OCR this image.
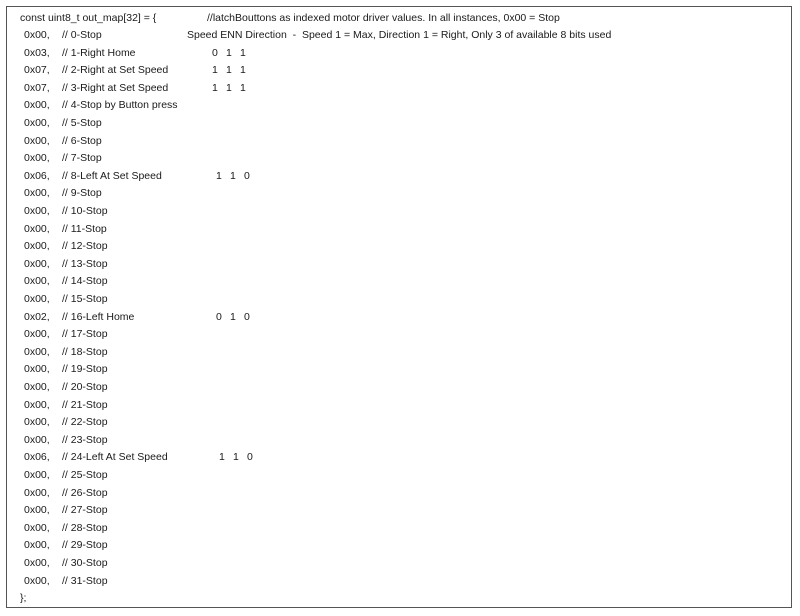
const uint8_t out_map[32] = {	//latchBouttons as indexed motor driver values. In all instances, 0x00 = Stop
Speed ENN Direction  -  Speed 1 = Max, Direction 1 = Right, Only 3 of available 8 bits used
0x00, // 0-Stop
0x03, // 1-Right Home	0 1 1
0x07, // 2-Right at Set Speed	1 1 1
0x07, // 3-Right at Set Speed	1 1 1
0x00, // 4-Stop by Button press
0x00, // 5-Stop
0x00, // 6-Stop
0x00, // 7-Stop
0x06, // 8-Left At Set Speed	1 1 0
0x00, // 9-Stop
0x00, // 10-Stop
0x00, // 11-Stop
0x00, // 12-Stop
0x00, // 13-Stop
0x00, // 14-Stop
0x00, // 15-Stop
0x02, // 16-Left Home	0 1 0
0x00, // 17-Stop
0x00, // 18-Stop
0x00, // 19-Stop
0x00, // 20-Stop
0x00, // 21-Stop
0x00, // 22-Stop
0x00, // 23-Stop
0x06, // 24-Left At Set Speed	1 1 0
0x00, // 25-Stop
0x00, // 26-Stop
0x00, // 27-Stop
0x00, // 28-Stop
0x00, // 29-Stop
0x00, // 30-Stop
0x00, // 31-Stop
};
